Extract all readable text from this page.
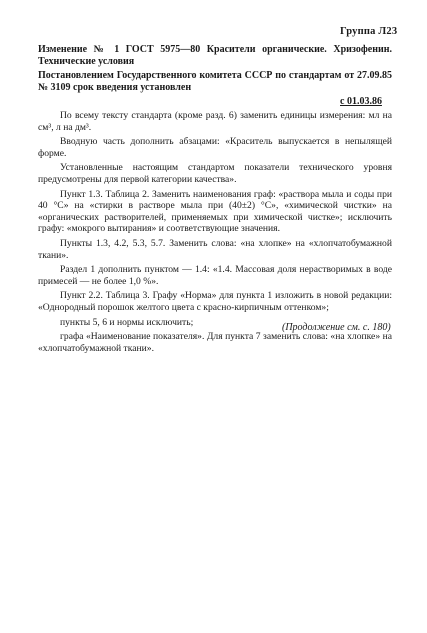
Группа Л23
Изменение № 1 ГОСТ 5975—80 Красители органические. Хризофенин. Технические условия
Постановлением Государственного комитета СССР по стандартам от 27.09.85 № 3109 срок введения установлен
с 01.03.86

По всему тексту стандарта (кроме разд. 6) заменить единицы измерения: мл на см³, л на дм³.

Вводную часть дополнить абзацами: «Краситель выпускается в непылящей форме.

Установленные настоящим стандартом показатели технического уровня предусмотрены для первой категории качества».

Пункт 1.3. Таблица 2. Заменить наименования граф: «раствора мыла и соды при 40 °С» на «стирки в растворе мыла при (40±2) °С», «химической чистки» на «органических растворителей, применяемых при химической чистке»; исключить графу: «мокрого вытирания» и соответствующие значения.

Пункты 1.3, 4.2, 5.3, 5.7. Заменить слова: «на хлопке» на «хлопчатобумажной ткани».

Раздел 1 дополнить пунктом — 1.4: «1.4. Массовая доля нерастворимых в воде примесей — не более 1,0 %».

Пункт 2.2. Таблица 3. Графу «Норма» для пункта 1 изложить в новой редакции: «Однородный порошок желтого цвета с красно-кирпичным оттенком»;

пункты 5, 6 и нормы исключить;

графа «Наименование показателя». Для пункта 7 заменить слова: «на хлопке» на «хлопчатобумажной ткани».

(Продолжение см. с. 180)
